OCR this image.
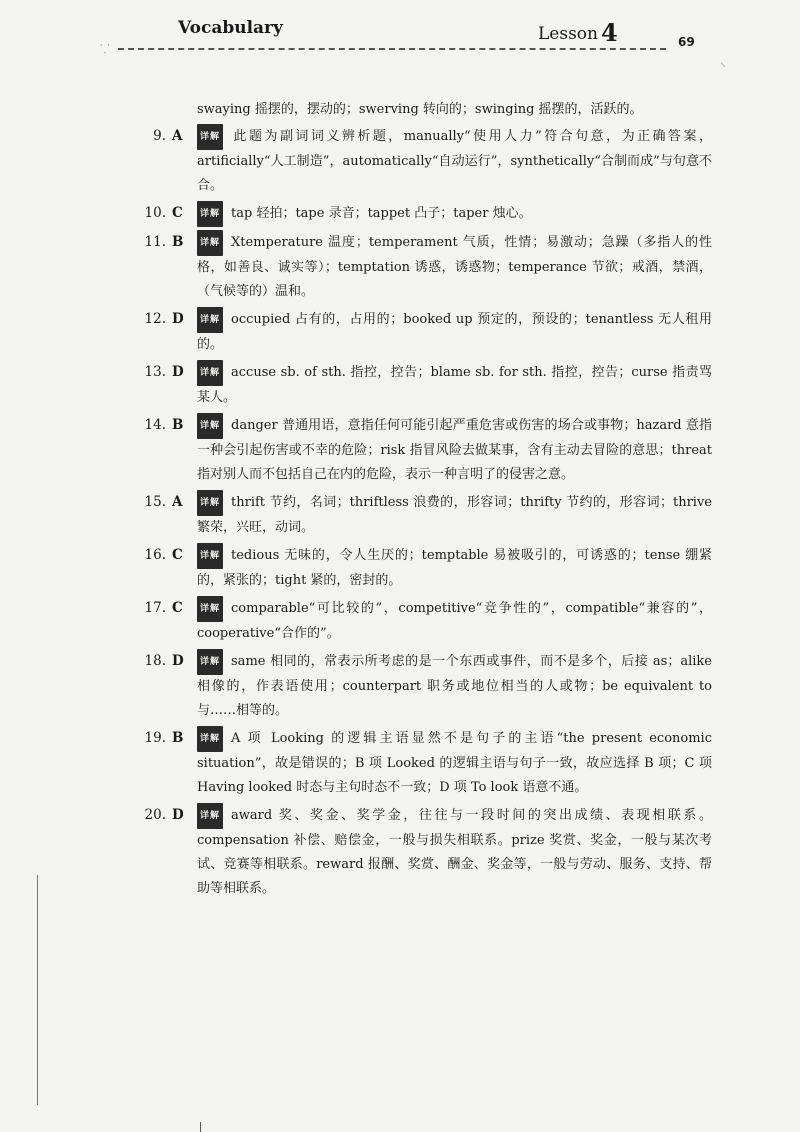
Vocabulary	Lesson 4	69
⸪
⸌
swaying 摇摆的，摆动的；swerving 转向的；swinging 摇摆的，活跃的。
9. A	详解 此题为副词词义辨析题，manually“使用人力”符合句意，为正确答案，artificially“人工制造”，automatically“自动运行”，synthetically“合制而成”与句意不合。
10. C	详解 tap 轻拍；tape 录音；tappet 凸子；taper 烛心。
11. B	详解 Xtemperature 温度；temperament 气质，性情；易激动；急躁（多指人的性格，如善良、诚实等）；temptation 诱惑，诱惑物；temperance 节欲；戒酒，禁酒，（气候等的）温和。
12. D	详解 occupied 占有的，占用的；booked up 预定的，预设的；tenantless 无人租用的。
13. D	详解 accuse sb. of sth. 指控，控告；blame sb. for sth. 指控，控告；curse 指责骂某人。
14. B	详解 danger 普通用语，意指任何可能引起严重危害或伤害的场合或事物；hazard 意指一种会引起伤害或不幸的危险；risk 指冒风险去做某事，含有主动去冒险的意思；threat 指对别人而不包括自己在内的危险，表示一种言明了的侵害之意。
15. A	详解 thrift 节约，名词；thriftless 浪费的，形容词；thrifty 节约的，形容词；thrive 繁荣，兴旺，动词。
16. C	详解 tedious 无味的，令人生厌的；temptable 易被吸引的，可诱惑的；tense 绷紧的，紧张的；tight 紧的，密封的。
17. C	详解 comparable“可比较的”，competitive“竞争性的”，compatible“兼容的”，cooperative“合作的”。
18. D	详解 same 相同的，常表示所考虑的是一个东西或事件，而不是多个，后接 as；alike 相像的，作表语使用；counterpart 职务或地位相当的人或物；be equivalent to 与……相等的。
19. B	详解 A 项 Looking 的逻辑主语显然不是句子的主语“the present economic situation”，故是错误的；B 项 Looked 的逻辑主语与句子一致，故应选择 B 项；C 项 Having looked 时态与主句时态不一致；D 项 To look 语意不通。
20. D	详解 award 奖、奖金、奖学金，往往与一段时间的突出成绩、表现相联系。compensation 补偿、赔偿金，一般与损失相联系。prize 奖赏、奖金，一般与某次考试、竞赛等相联系。reward 报酬、奖赏、酬金、奖金等，一般与劳动、服务、支持、帮助等相联系。
